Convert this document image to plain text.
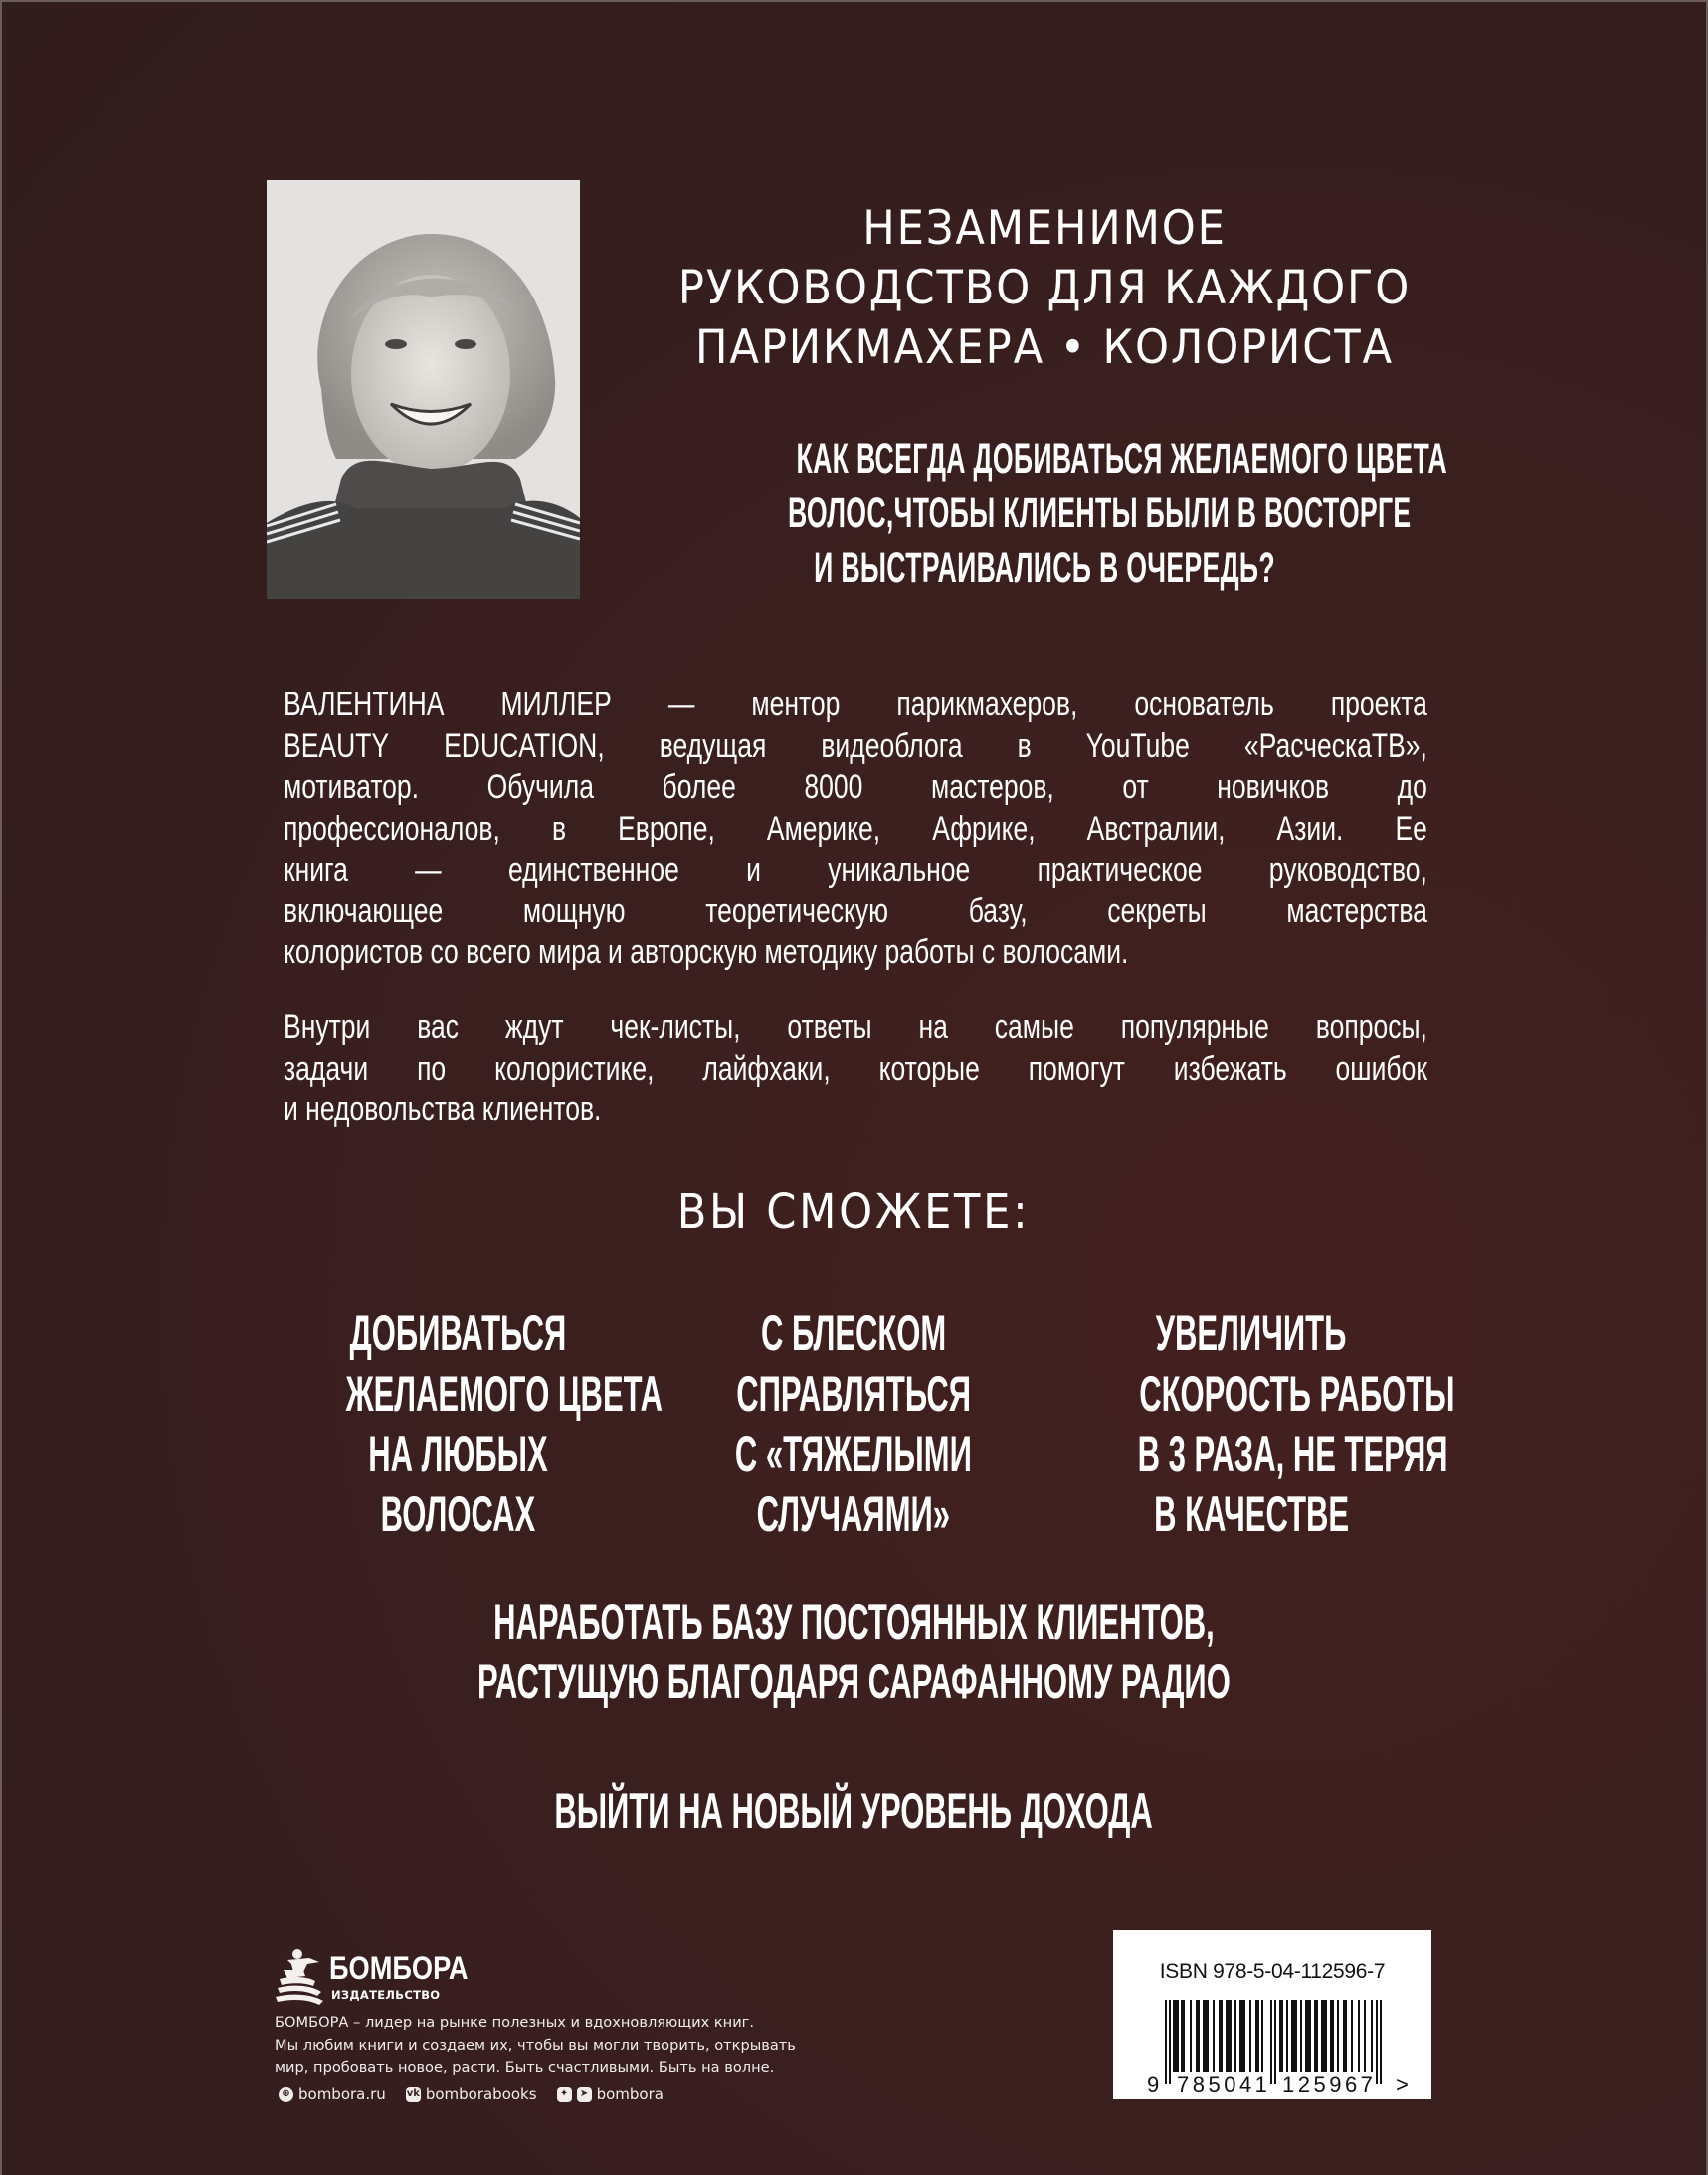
НЕЗАМЕНИМОЕ
РУКОВОДСТВО ДЛЯ КАЖДОГО
ПАРИКМАХЕРА • КОЛОРИСТА
КАК ВСЕГДА ДОБИВАТЬСЯ ЖЕЛАЕМОГО ЦВЕТА
ВОЛОС,ЧТОБЫ КЛИЕНТЫ БЫЛИ В ВОСТОРГЕ
И ВЫСТРАИВАЛИСЬ В ОЧЕРЕДЬ?
ВАЛЕНТИНА МИЛЛЕР — ментор парикмахеров, основатель проекта
BEAUTY EDUCATION, ведущая видеоблога в YouTube «РасческаТВ»,
мотиватор. Обучила более 8000 мастеров, от новичков до
профессионалов, в Европе, Америке, Африке, Австралии, Азии. Ее
книга — единственное и уникальное практическое руководство,
включающее мощную теоретическую базу, секреты мастерства
колористов со всего мира и авторскую методику работы с волосами.
Внутри вас ждут чек-листы, ответы на самые популярные вопросы,
задачи по колористике, лайфхаки, которые помогут избежать ошибок
и недовольства клиентов.
ВЫ СМОЖЕТЕ:
ДОБИВАТЬСЯ
ЖЕЛАЕМОГО ЦВЕТА
НА ЛЮБЫХ
ВОЛОСАХ
С БЛЕСКОМ
СПРАВЛЯТЬСЯ
С «ТЯЖЕЛЫМИ
СЛУЧАЯМИ»
УВЕЛИЧИТЬ
СКОРОСТЬ РАБОТЫ
В 3 РАЗА, НЕ ТЕРЯЯ
В КАЧЕСТВЕ
НАРАБОТАТЬ БАЗУ ПОСТОЯННЫХ КЛИЕНТОВ,
РАСТУЩУЮ БЛАГОДАРЯ САРАФАННОМУ РАДИО
ВЫЙТИ НА НОВЫЙ УРОВЕНЬ ДОХОДА
БОМБОРА
ИЗДАТЕЛЬСТВО
БОМБОРА – лидер на рынке полезных и вдохновляющих книг.
Мы любим книги и создаем их, чтобы вы могли творить, открывать
мир, пробовать новое, расти. Быть счастливыми. Быть на волне.
⊕ bombora.ru vk bomborabooks	✦	➤ bombora
ISBN 978-5-04-112596-7
9 785041 125967 >
